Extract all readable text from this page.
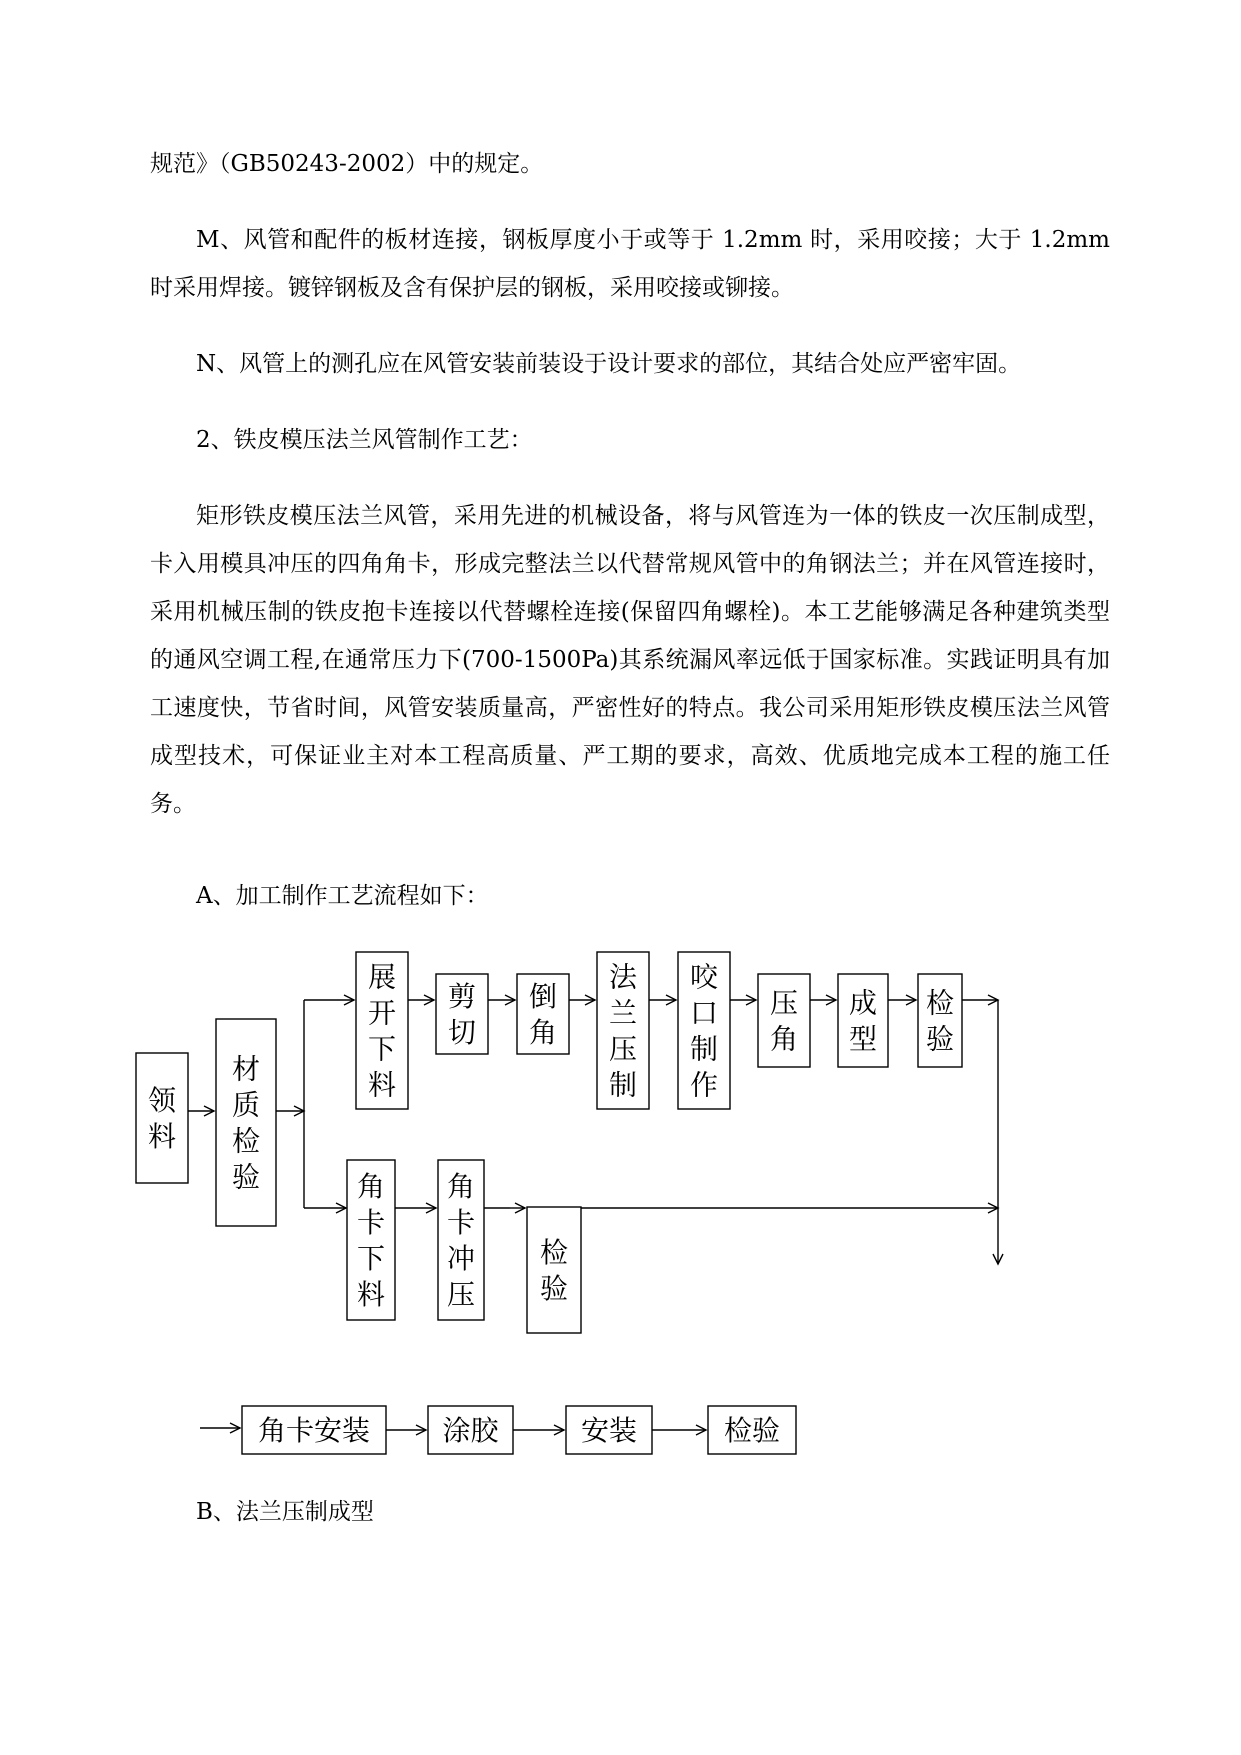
规范》（GB50243-2002）中的规定。

M、风管和配件的板材连接，钢板厚度小于或等于 1.2mm 时，采用咬接；大于 1.2mm 时采用焊接。镀锌钢板及含有保护层的钢板，采用咬接或铆接。

N、风管上的测孔应在风管安装前装设于设计要求的部位，其结合处应严密牢固。

2、铁皮模压法兰风管制作工艺：

矩形铁皮模压法兰风管，采用先进的机械设备，将与风管连为一体的铁皮一次压制成型，卡入用模具冲压的四角角卡，形成完整法兰以代替常规风管中的角钢法兰；并在风管连接时，采用机械压制的铁皮抱卡连接以代替螺栓连接(保留四角螺栓)。本工艺能够满足各种建筑类型的通风空调工程,在通常压力下(700-1500Pa)其系统漏风率远低于国家标准。实践证明具有加工速度快，节省时间，风管安装质量高，严密性好的特点。我公司采用矩形铁皮模压法兰风管成型技术，可保证业主对本工程高质量、严工期的要求，高效、优质地完成本工程的施工任务。

A、加工制作工艺流程如下：

领
料
材
质
检
验
展
开
下
料
剪
切
倒
角
法
兰
压
制
咬
口
制
作
压
角
成
型
检
验
角
卡
下
料
角
卡
冲
压
检
验
角卡安装	涂胶	安装	检验

B、法兰压制成型
